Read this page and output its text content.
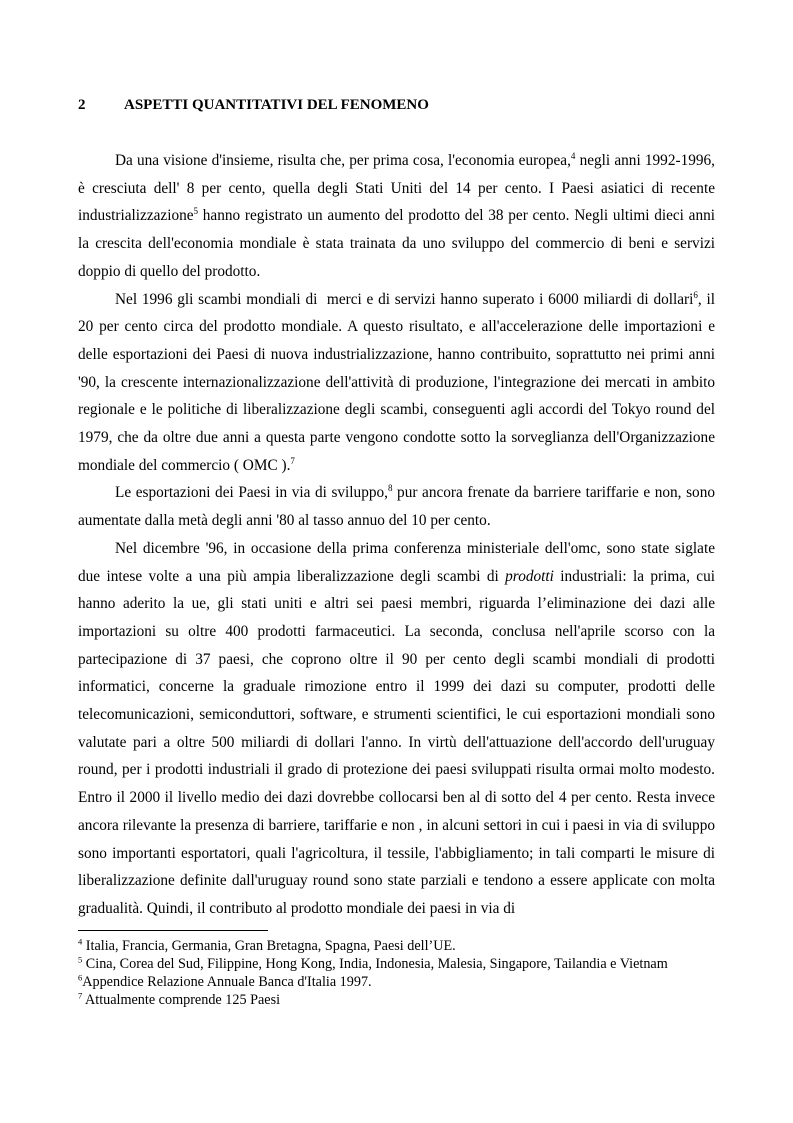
2	ASPETTI QUANTITATIVI DEL FENOMENO

Da una visione d'insieme, risulta che, per prima cosa, l'economia europea,$^4$ negli anni 1992-1996, è cresciuta dell' 8 per cento, quella degli Stati Uniti del 14 per cento. I Paesi asiatici di recente industrializzazione$^5$ hanno registrato un aumento del prodotto del 38 per cento. Negli ultimi dieci anni la crescita dell'economia mondiale è stata trainata da uno sviluppo del commercio di beni e servizi doppio di quello del prodotto.

Nel 1996 gli scambi mondiali di  merci e di servizi hanno superato i 6000 miliardi di dollari$^6$, il 20 per cento circa del prodotto mondiale. A questo risultato, e all'accelerazione delle importazioni e delle esportazioni dei Paesi di nuova industrializzazione, hanno contribuito, soprattutto nei primi anni '90, la crescente internazionalizzazione dell'attività di produzione, l'integrazione dei mercati in ambito regionale e le politiche di liberalizzazione degli scambi, conseguenti agli accordi del Tokyo round del 1979, che da oltre due anni a questa parte vengono condotte sotto la sorveglianza dell'Organizzazione mondiale del commercio ( OMC ).$^7$

Le esportazioni dei Paesi in via di sviluppo,$^8$ pur ancora frenate da barriere tariffarie e non, sono aumentate dalla metà degli anni '80 al tasso annuo del 10 per cento.

Nel dicembre '96, in occasione della prima conferenza ministeriale dell'omc, sono state siglate due intese volte a una più ampia liberalizzazione degli scambi di prodotti industriali: la prima, cui hanno aderito la ue, gli stati uniti e altri sei paesi membri, riguarda l’eliminazione dei dazi alle importazioni su oltre 400 prodotti farmaceutici. La seconda, conclusa nell'aprile scorso con la partecipazione di 37 paesi, che coprono oltre il 90 per cento degli scambi mondiali di prodotti informatici, concerne la graduale rimozione entro il 1999 dei dazi su computer, prodotti delle telecomunicazioni, semiconduttori, software, e strumenti scientifici, le cui esportazioni mondiali sono valutate pari a oltre 500 miliardi di dollari l'anno. In virtù dell'attuazione dell'accordo dell'uruguay round, per i prodotti industriali il grado di protezione dei paesi sviluppati risulta ormai molto modesto. Entro il 2000 il livello medio dei dazi dovrebbe collocarsi ben al di sotto del 4 per cento. Resta invece ancora rilevante la presenza di barriere, tariffarie e non , in alcuni settori in cui i paesi in via di sviluppo sono importanti esportatori, quali l'agricoltura, il tessile, l'abbigliamento; in tali comparti le misure di liberalizzazione definite dall'uruguay round sono state parziali e tendono a essere applicate con molta gradualità. Quindi, il contributo al prodotto mondiale dei paesi in via di

$^4$ Italia, Francia, Germania, Gran Bretagna, Spagna, Paesi dell’UE.

$^5$ Cina, Corea del Sud, Filippine, Hong Kong, India, Indonesia, Malesia, Singapore, Tailandia e Vietnam

$^6$Appendice Relazione Annuale Banca d'Italia 1997.

$^7$ Attualmente comprende 125 Paesi
